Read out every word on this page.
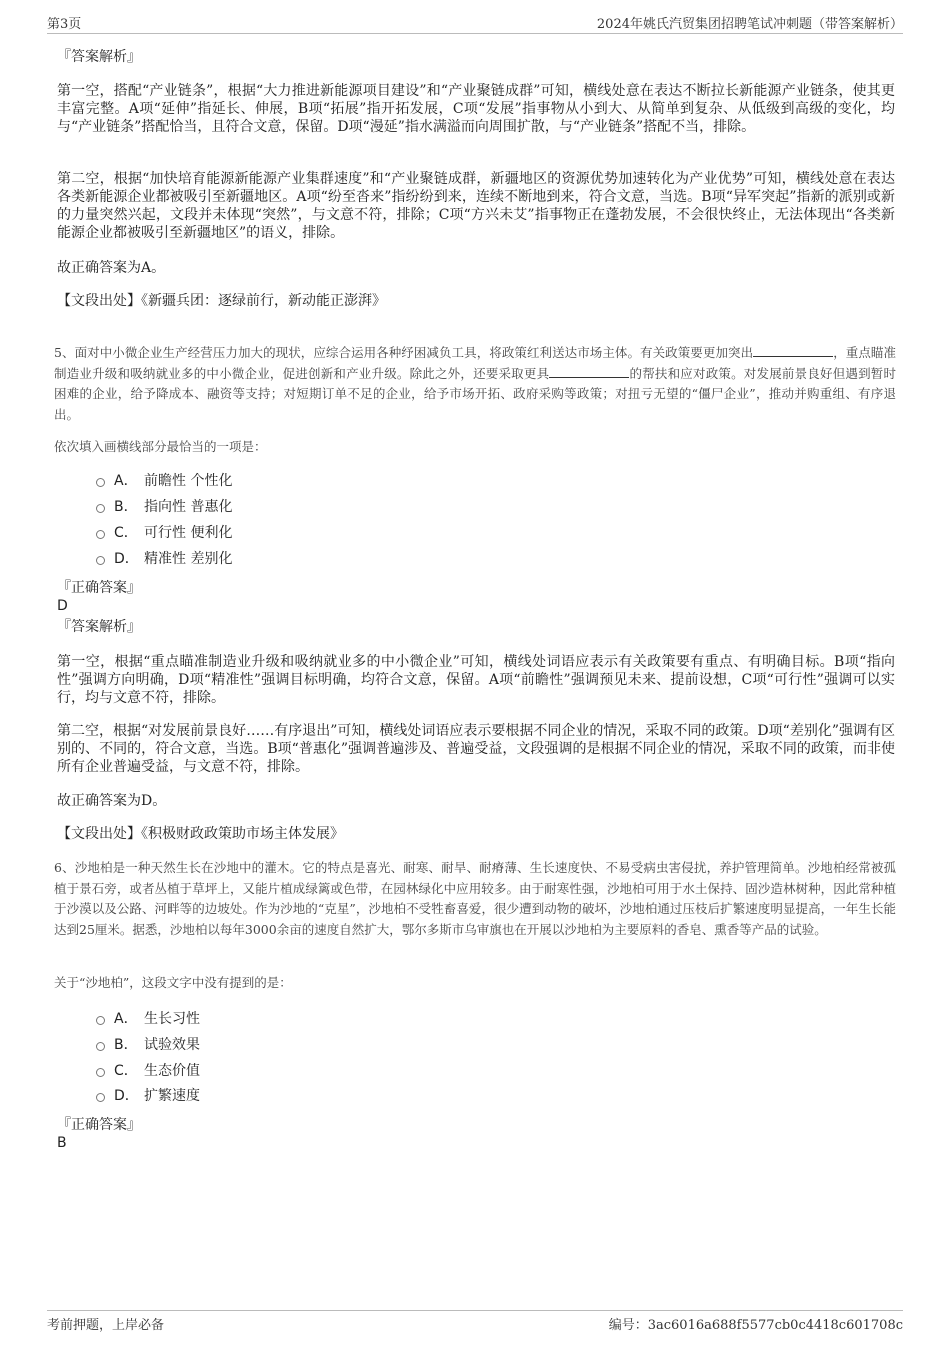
第3页	2024年姚氏汽贸集团招聘笔试冲刺题（带答案解析）
『答案解析』

第一空，搭配“产业链条”，根据“大力推进新能源项目建设”和“产业聚链成群”可知，横线处意在表达不断拉长新能源产业链条，使其更丰富完整。A项“延伸”指延长、伸展，B项“拓展”指开拓发展，C项“发展”指事物从小到大、从简单到复杂、从低级到高级的变化，均与“产业链条”搭配恰当，且符合文意，保留。D项“漫延”指水满溢而向周围扩散，与“产业链条”搭配不当，排除。

第二空，根据“加快培育能源新能源产业集群速度”和“产业聚链成群，新疆地区的资源优势加速转化为产业优势”可知，横线处意在表达各类新能源企业都被吸引至新疆地区。A项“纷至沓来”指纷纷到来，连续不断地到来，符合文意，当选。B项“异军突起”指新的派别或新的力量突然兴起，文段并未体现“突然”，与文意不符，排除；C项“方兴未艾”指事物正在蓬勃发展，不会很快终止，无法体现出“各类新能源企业都被吸引至新疆地区”的语义，排除。

故正确答案为A。

【文段出处】《新疆兵团：逐绿前行，新动能正澎湃》

5、面对中小微企业生产经营压力加大的现状，应综合运用各种纾困减负工具，将政策红利送达市场主体。有关政策要更加突出	，重点瞄准制造业升级和吸纳就业多的中小微企业，促进创新和产业升级。除此之外，还要采取更具	的帮扶和应对政策。对发展前景良好但遇到暂时困难的企业，给予降成本、融资等支持；对短期订单不足的企业，给予市场开拓、政府采购等政策；对扭亏无望的“僵尸企业”，推动并购重组、有序退出。

依次填入画横线部分最恰当的一项是：

A． 前瞻性 个性化
B． 指向性 普惠化
C． 可行性 便利化
D． 精准性 差别化
『正确答案』
D
『答案解析』

第一空，根据“重点瞄准制造业升级和吸纳就业多的中小微企业”可知，横线处词语应表示有关政策要有重点、有明确目标。B项“指向性”强调方向明确，D项“精准性”强调目标明确，均符合文意，保留。A项“前瞻性”强调预见未来、提前设想，C项“可行性”强调可以实行，均与文意不符，排除。

第二空，根据“对发展前景良好……有序退出”可知，横线处词语应表示要根据不同企业的情况，采取不同的政策。D项“差别化”强调有区别的、不同的，符合文意，当选。B项“普惠化”强调普遍涉及、普遍受益，文段强调的是根据不同企业的情况，采取不同的政策，而非使所有企业普遍受益，与文意不符，排除。

故正确答案为D。

【文段出处】《积极财政政策助市场主体发展》

6、沙地柏是一种天然生长在沙地中的灌木。它的特点是喜光、耐寒、耐旱、耐瘠薄、生长速度快、不易受病虫害侵扰，养护管理简单。沙地柏经常被孤植于景石旁，或者丛植于草坪上，又能片植成绿篱或色带，在园林绿化中应用较多。由于耐寒性强，沙地柏可用于水土保持、固沙造林树种，因此常种植于沙漠以及公路、河畔等的边坡处。作为沙地的“克星”，沙地柏不受牲畜喜爱，很少遭到动物的破坏，沙地柏通过压枝后扩繁速度明显提高，一年生长能达到25厘米。据悉，沙地柏以每年3000余亩的速度自然扩大，鄂尔多斯市乌审旗也在开展以沙地柏为主要原料的香皂、熏香等产品的试验。

关于“沙地柏”，这段文字中没有提到的是：

A． 生长习性
B． 试验效果
C． 生态价值
D． 扩繁速度
『正确答案』
B
考前押题，上岸必备	编号：3ac6016a688f5577cb0c4418c601708c
